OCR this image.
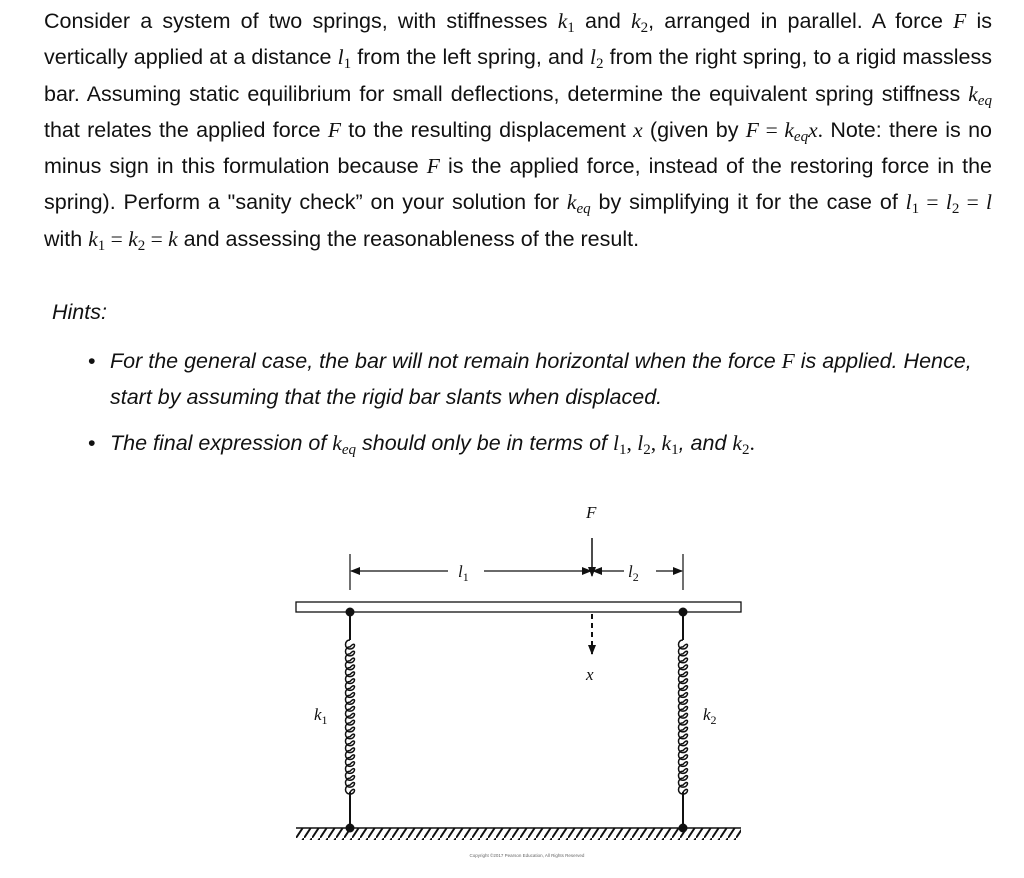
Consider a system of two springs, with stiffnesses $k_1$ and $k_2$, arranged in parallel. A force F is vertically applied at a distance $l_1$ from the left spring, and $l_2$ from the right spring, to a rigid massless bar. Assuming static equilibrium for small deflections, determine the equivalent spring stiffness $k_{eq}$ that relates the applied force F to the resulting displacement x (given by $F = k_{eq}x$. Note: there is no minus sign in this formulation because F is the applied force, instead of the restoring force in the spring). Perform a "sanity check” on your solution for $k_{eq}$ by simplifying it for the case of $l_1 = l_2 = l$ with $k_1 = k_2 = k$ and assessing the reasonableness of the result.
Hints:
• For the general case, the bar will not remain horizontal when the force F is applied. Hence, start by assuming that the rigid bar slants when displaced.
• The final expression of $k_{eq}$ should only be in terms of $l_1$, $l_2$, $k_1$, and $k_2$.
F
$l_1$	$l_2$
x
$k_1$	$k_2$
Copyright ©2017 Pearson Education, All Rights Reserved
